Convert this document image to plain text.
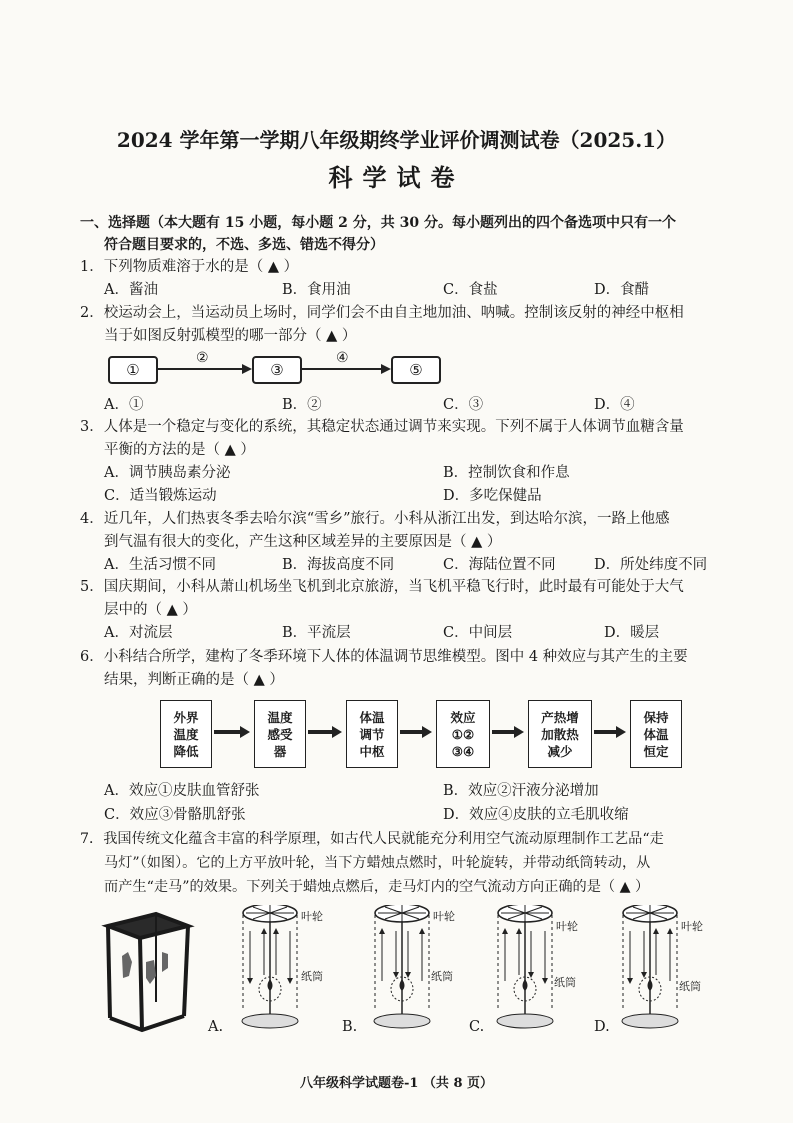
2024 学年第一学期八年级期终学业评价调测试卷（2025.1）
科学试卷
一、选择题（本大题有 15 小题，每小题 2 分，共 30 分。每小题列出的四个备选项中只有一个
符合题目要求的，不选、多选、错选不得分）
1．下列物质难溶于水的是（ ▲ ）
A．酱油	B．食用油	C．食盐	D．食醋
2．校运动会上，当运动员上场时，同学们会不由自主地加油、呐喊。控制该反射的神经中枢相
当于如图反射弧模型的哪一部分（ ▲ ）
①	③	⑤
②	④
A．①	B．②	C．③	D．④
3．人体是一个稳定与变化的系统，其稳定状态通过调节来实现。下列不属于人体调节血糖含量
平衡的方法的是（ ▲ ）
A．调节胰岛素分泌	B．控制饮食和作息
C．适当锻炼运动	D．多吃保健品
4．近几年，人们热衷冬季去哈尔滨“雪乡”旅行。小科从浙江出发，到达哈尔滨，一路上他感
到气温有很大的变化，产生这种区域差异的主要原因是（ ▲ ）
A．生活习惯不同	B．海拔高度不同	C．海陆位置不同	D．所处纬度不同
5．国庆期间，小科从萧山机场坐飞机到北京旅游，当飞机平稳飞行时，此时最有可能处于大气
层中的（ ▲ ）
A．对流层	B．平流层	C．中间层	D．暖层
6．小科结合所学，建构了冬季环境下人体的体温调节思维模型。图中 4 种效应与其产生的主要
结果，判断正确的是（ ▲ ）
外界
温度
降低
温度
感受
器
体温
调节
中枢
效应
①②
③④
产热增
加散热
减少
保持
体温
恒定
A．效应①皮肤血管舒张	B．效应②汗液分泌增加
C．效应③骨骼肌舒张	D．效应④皮肤的立毛肌收缩
7．我国传统文化蕴含丰富的科学原理，如古代人民就能充分利用空气流动原理制作工艺品“走
马灯”（如图）。它的上方平放叶轮，当下方蜡烛点燃时，叶轮旋转，并带动纸筒转动，从
而产生“走马”的效果。下列关于蜡烛点燃后，走马灯内的空气流动方向正确的是（ ▲ ）
叶轮
纸筒
叶轮
纸筒
叶轮
纸筒
叶轮
纸筒
A.	B.	C.	D.
八年级科学试题卷-1 （共 8 页）
